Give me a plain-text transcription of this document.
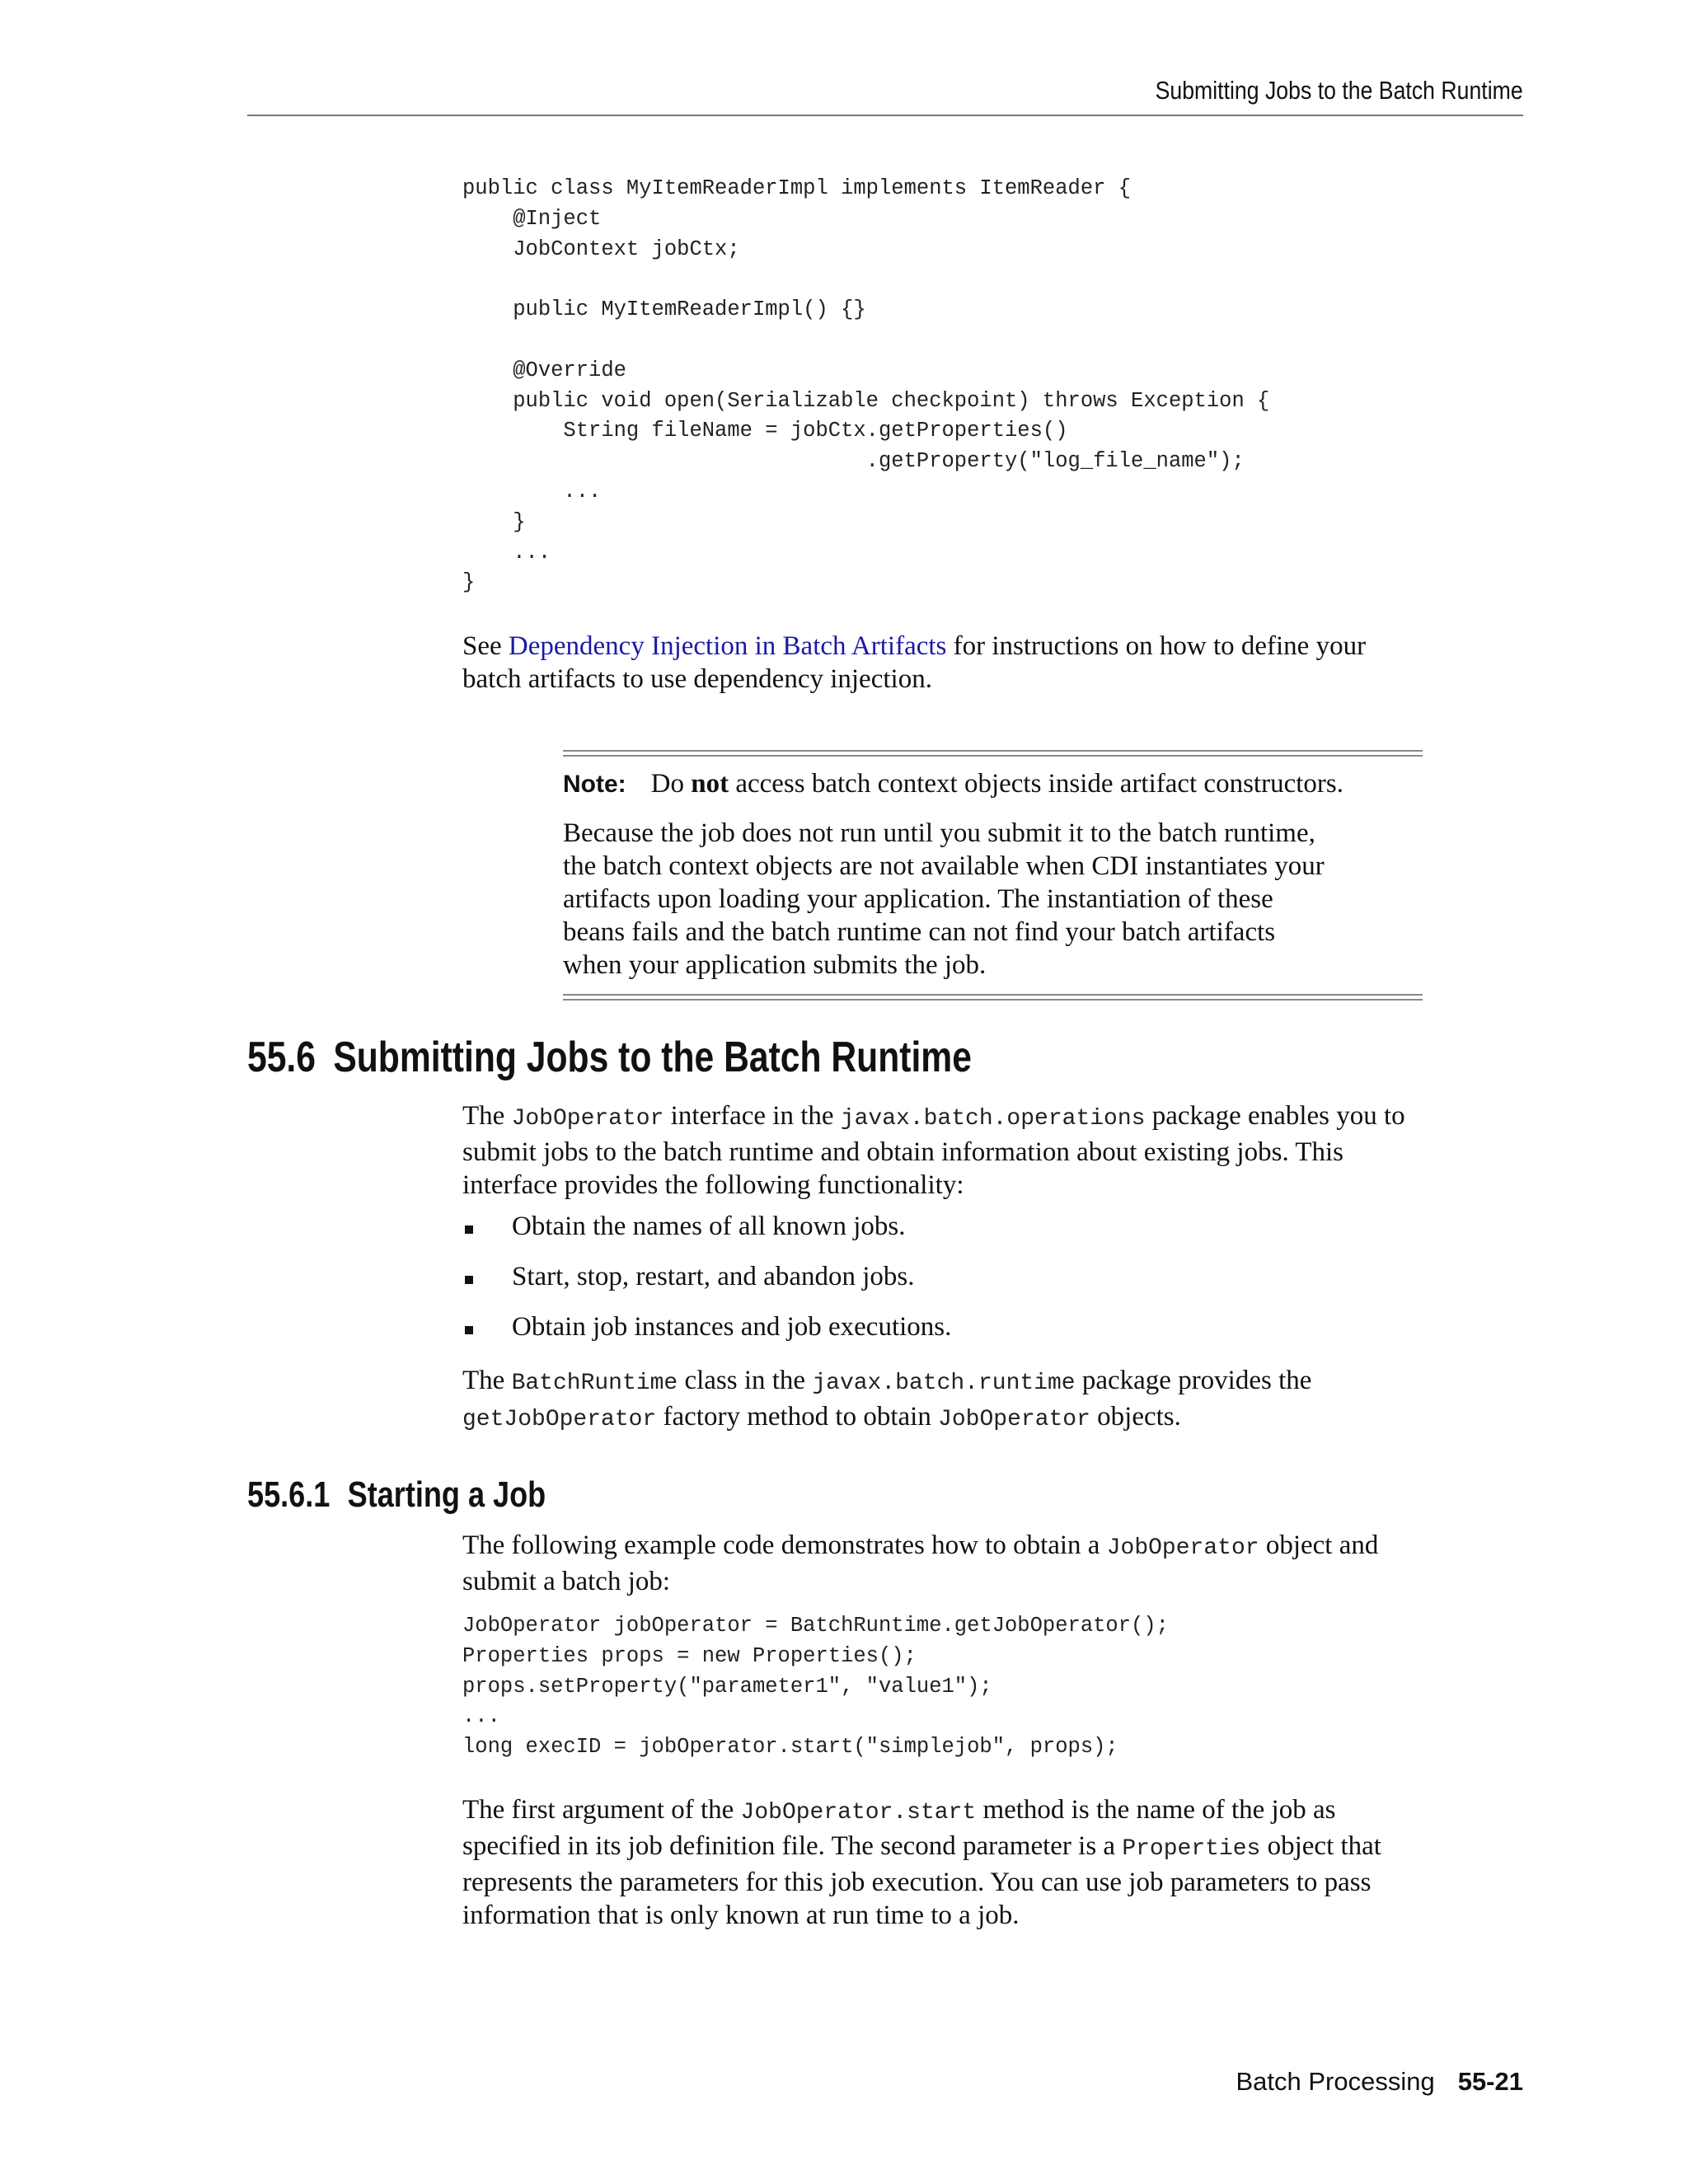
Submitting Jobs to the Batch Runtime
public class MyItemReaderImpl implements ItemReader {
@Inject
JobContext jobCtx;

public MyItemReaderImpl() {}

@Override
public void open(Serializable checkpoint) throws Exception {
String fileName = jobCtx.getProperties()
.getProperty("log_file_name");
...
}
...
}
See Dependency Injection in Batch Artifacts for instructions on how to define your
batch artifacts to use dependency injection.
Note: Do not access batch context objects inside artifact constructors.
Because the job does not run until you submit it to the batch runtime,
the batch context objects are not available when CDI instantiates your
artifacts upon loading your application. The instantiation of these
beans fails and the batch runtime can not find your batch artifacts
when your application submits the job.
55.6 Submitting Jobs to the Batch Runtime
The JobOperator interface in the javax.batch.operations package enables you to
submit jobs to the batch runtime and obtain information about existing jobs. This
interface provides the following functionality:
Obtain the names of all known jobs.
Start, stop, restart, and abandon jobs.
Obtain job instances and job executions.
The BatchRuntime class in the javax.batch.runtime package provides the
getJobOperator factory method to obtain JobOperator objects.
55.6.1 Starting a Job
The following example code demonstrates how to obtain a JobOperator object and
submit a batch job:
JobOperator jobOperator = BatchRuntime.getJobOperator();
Properties props = new Properties();
props.setProperty("parameter1", "value1");
...
long execID = jobOperator.start("simplejob", props);
The first argument of the JobOperator.start method is the name of the job as
specified in its job definition file. The second parameter is a Properties object that
represents the parameters for this job execution. You can use job parameters to pass
information that is only known at run time to a job.
Batch Processing 55-21
